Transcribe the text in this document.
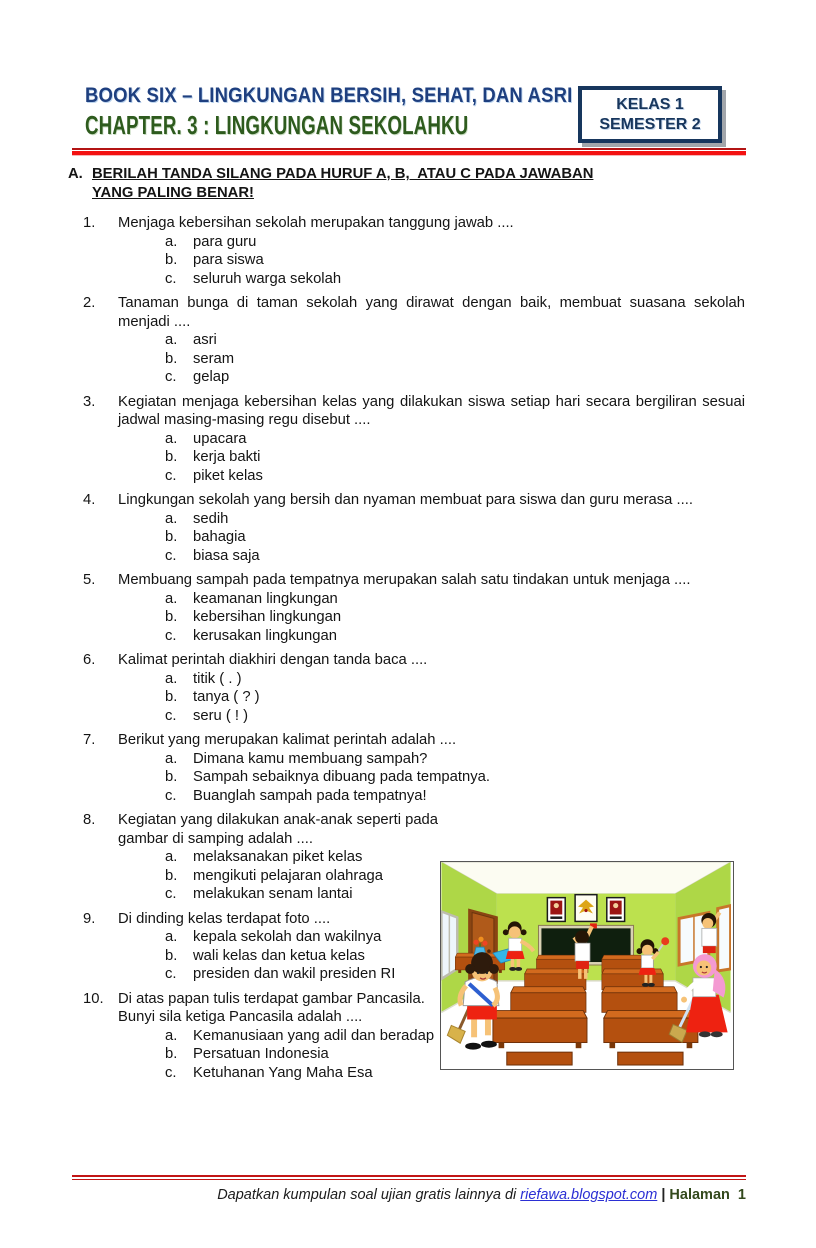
BOOK SIX – LINGKUNGAN BERSIH, SEHAT, DAN ASRI
CHAPTER. 3 : LINGKUNGAN SEKOLAHKU
KELAS 1
SEMESTER 2
A. BERILAH TANDA SILANG PADA HURUF A, B,  ATAU C PADA JAWABAN
YANG PALING BENAR!
1.	Menjaga kebersihan sekolah merupakan tanggung jawab ....
a.	para guru
b.	para siswa
c.	seluruh warga sekolah
2.	Tanaman bunga di taman sekolah yang dirawat dengan baik, membuat suasana sekolah menjadi ....
a.	asri
b.	seram
c.	gelap
3.	Kegiatan menjaga kebersihan kelas yang dilakukan siswa setiap hari secara bergiliran sesuai jadwal masing-masing regu disebut ....
a.	upacara
b.	kerja bakti
c.	piket kelas
4.	Lingkungan sekolah yang bersih dan nyaman membuat para siswa dan guru merasa ....
a.	sedih
b.	bahagia
c.	biasa saja
5.	Membuang sampah pada tempatnya merupakan salah satu tindakan untuk menjaga ....
a.	keamanan lingkungan
b.	kebersihan lingkungan
c.	kerusakan lingkungan
6.	Kalimat perintah diakhiri dengan tanda baca ....
a.	titik ( . )
b.	tanya ( ? )
c.	seru ( ! )
7.	Berikut yang merupakan kalimat perintah adalah ....
a.	Dimana kamu membuang sampah?
b.	Sampah sebaiknya dibuang pada tempatnya.
c.	Buanglah sampah pada tempatnya!
8.	Kegiatan yang dilakukan anak-anak seperti pada gambar di samping adalah ....
a.	melaksanakan piket kelas
b.	mengikuti pelajaran olahraga
c.	melakukan senam lantai
9.	Di dinding kelas terdapat foto ....
a.	kepala sekolah dan wakilnya
b.	wali kelas dan ketua kelas
c.	presiden dan wakil presiden RI
10. Di atas papan tulis terdapat gambar Pancasila. Bunyi sila ketiga Pancasila adalah ....
a.	Kemanusiaan yang adil dan beradap
b.	Persatuan Indonesia
c.	Ketuhanan Yang Maha Esa
Dapatkan kumpulan soal ujian gratis lainnya di riefawa.blogspot.com | Halaman  1
